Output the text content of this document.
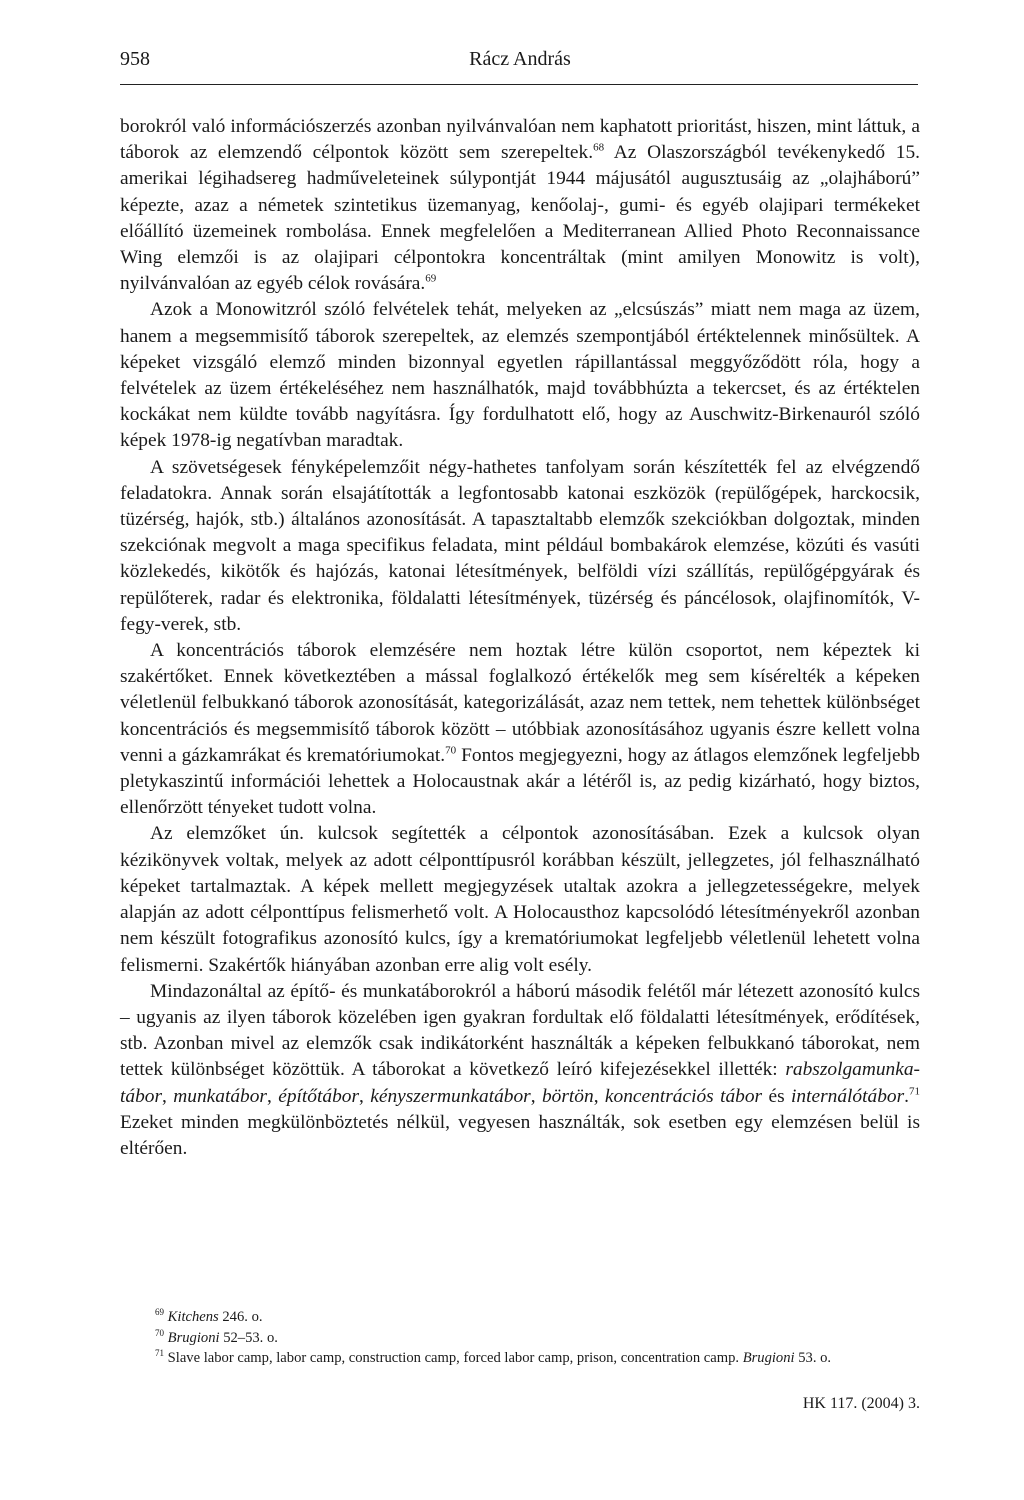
958	Rácz András

borokról való információszerzés azonban nyilvánvalóan nem kaphatott prioritást, hiszen, mint láttuk, a táborok az elemzendő célpontok között sem szerepeltek.$^{68}$ Az Olaszországból tevékenykedő 15. amerikai légihadsereg hadműveleteinek súlypontját 1944 májusától augusztusáig az „olajháború” képezte, azaz a németek szintetikus üzemanyag, kenőolaj-, gumi- és egyéb olajipari termékeket előállító üzemeinek rombolása. Ennek megfelelően a Mediterranean Allied Photo Reconnaissance Wing elemzői is az olajipari célpontokra koncentráltak (mint amilyen Monowitz is volt), nyilvánvalóan az egyéb célok rovására.$^{69}$

Azok a Monowitzról szóló felvételek tehát, melyeken az „elcsúszás” miatt nem maga az üzem, hanem a megsemmisítő táborok szerepeltek, az elemzés szempontjából értéktelennek minősültek. A képeket vizsgáló elemző minden bizonnyal egyetlen rápillantással meggyőződött róla, hogy a felvételek az üzem értékeléséhez nem használhatók, majd továbbhúzta a tekercset, és az értéktelen kockákat nem küldte tovább nagyításra. Így fordulhatott elő, hogy az Auschwitz-Birkenauról szóló képek 1978-ig negatívban maradtak.

A szövetségesek fényképelemzőit négy-hathetes tanfolyam során készítették fel az elvégzendő feladatokra. Annak során elsajátították a legfontosabb katonai eszközök (repülőgépek, harckocsik, tüzérség, hajók, stb.) általános azonosítását. A tapasztaltabb elemzők szekciókban dolgoztak, minden szekciónak megvolt a maga specifikus feladata, mint például bombakárok elemzése, közúti és vasúti közlekedés, kikötők és hajózás, katonai létesítmények, belföldi vízi szállítás, repülőgépgyárak és repülőterek, radar és elektronika, földalatti létesítmények, tüzérség és páncélosok, olajfinomítók, V-fegy-verek, stb.

A koncentrációs táborok elemzésére nem hoztak létre külön csoportot, nem képeztek ki szakértőket. Ennek következtében a mással foglalkozó értékelők meg sem kísérelték a képeken véletlenül felbukkanó táborok azonosítását, kategorizálását, azaz nem tettek, nem tehettek különbséget koncentrációs és megsemmisítő táborok között – utóbbiak azonosításához ugyanis észre kellett volna venni a gázkamrákat és krematóriumokat.$^{70}$ Fontos megjegyezni, hogy az átlagos elemzőnek legfeljebb pletykaszintű információi lehettek a Holocaustnak akár a létéről is, az pedig kizárható, hogy biztos, ellenőrzött tényeket tudott volna.

Az elemzőket ún. kulcsok segítették a célpontok azonosításában. Ezek a kulcsok olyan kézikönyvek voltak, melyek az adott célponttípusról korábban készült, jellegzetes, jól felhasználható képeket tartalmaztak. A képek mellett megjegyzések utaltak azokra a jellegzetességekre, melyek alapján az adott célponttípus felismerhető volt. A Holocausthoz kapcsolódó létesítményekről azonban nem készült fotografikus azonosító kulcs, így a krematóriumokat legfeljebb véletlenül lehetett volna felismerni. Szakértők hiányában azonban erre alig volt esély.

Mindazonáltal az építő- és munkatáborokról a háború második felétől már létezett azonosító kulcs – ugyanis az ilyen táborok közelében igen gyakran fordultak elő földalatti létesítmények, erődítések, stb. Azonban mivel az elemzők csak indikátorként használták a képeken felbukkanó táborokat, nem tettek különbséget közöttük. A táborokat a következő leíró kifejezésekkel illették: rabszolgamunka-tábor, munkatábor, építőtábor, kényszermunkatábor, börtön, koncentrációs tábor és internálótábor.$^{71}$ Ezeket minden megkülönböztetés nélkül, vegyesen használták, sok esetben egy elemzésen belül is eltérően.

$^{69}$ Kitchens 246. o.

$^{70}$ Brugioni 52–53. o.

$^{71}$ Slave labor camp, labor camp, construction camp, forced labor camp, prison, concentration camp. Brugioni 53. o.

HK 117. (2004) 3.
